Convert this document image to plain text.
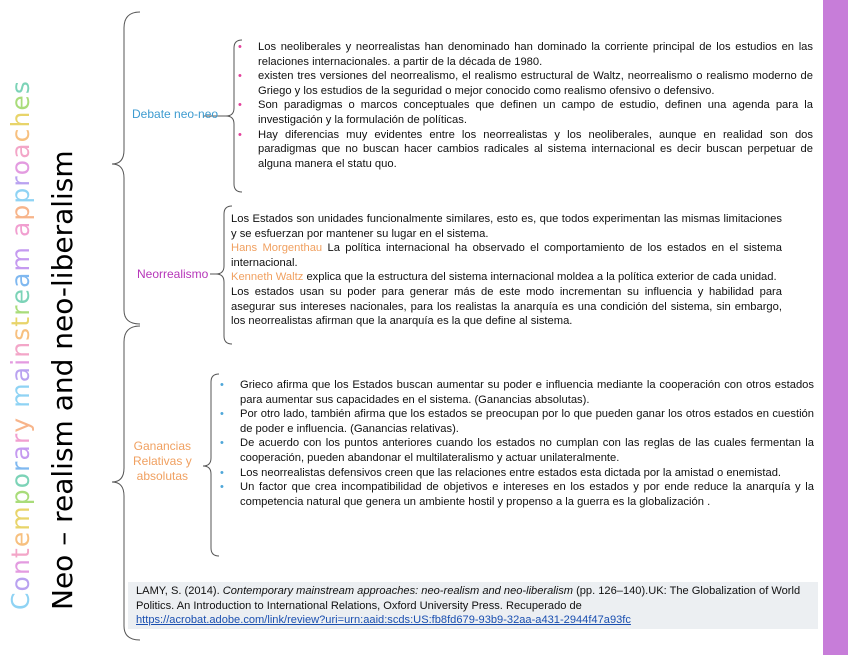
Contemporary mainstream approaches
Neo – realism and neo-liberalism
Debate neo-neo
Neorrealismo
Ganancias
Relativas y
absolutas
• Los neoliberales y neorrealistas han denominado han dominado la corriente principal de los estudios en las relaciones internacionales. a partir de la década de 1980.
• existen tres versiones del neorrealismo, el realismo estructural de Waltz, neorrealismo o realismo moderno de Griego y los estudios de la seguridad o mejor conocido como realismo ofensivo o defensivo.
• Son paradigmas o marcos conceptuales que definen un campo de estudio, definen una agenda para la investigación y la formulación de políticas.
• Hay diferencias muy evidentes entre los neorrealistas y los neoliberales, aunque en realidad son dos paradigmas que no buscan hacer cambios radicales al sistema internacional es decir buscan perpetuar de alguna manera el statu quo.

Los Estados son unidades funcionalmente similares, esto es, que todos experimentan las mismas limitaciones y se esfuerzan por mantener su lugar en el sistema.

Hans Morgenthau La política internacional ha observado el comportamiento de los estados en el sistema internacional.

Kenneth Waltz explica que la estructura del sistema internacional moldea a la política exterior de cada unidad.

Los estados usan su poder para generar más de este modo incrementan su influencia y habilidad para asegurar sus intereses nacionales, para los realistas la anarquía es una condición del sistema, sin embargo, los neorrealistas afirman que la anarquía es la que define al sistema.

• Grieco afirma que los Estados buscan aumentar su poder e influencia mediante la cooperación con otros estados para aumentar sus capacidades en el sistema. (Ganancias absolutas).
• Por otro lado, también afirma que los estados se preocupan por lo que pueden ganar los otros estados en cuestión de poder e influencia. (Ganancias relativas).
• De acuerdo con los puntos anteriores cuando los estados no cumplan con las reglas de las cuales fermentan la cooperación, pueden abandonar el multilateralismo y actuar unilateralmente.
• Los neorrealistas defensivos creen que las relaciones entre estados esta dictada por la amistad o enemistad.
• Un factor que crea incompatibilidad de objetivos e intereses en los estados y por ende reduce la anarquía y la competencia natural que genera un ambiente hostil y propenso a la guerra es la globalización .
LAMY, S. (2014). Contemporary mainstream approaches: neo-realism and neo-liberalism (pp. 126–140).UK: The Globalization of World Politics. An Introduction to International Relations, Oxford University Press. Recuperado de
https://acrobat.adobe.com/link/review?uri=urn:aaid:scds:US:fb8fd679-93b9-32aa-a431-2944f47a93fc
